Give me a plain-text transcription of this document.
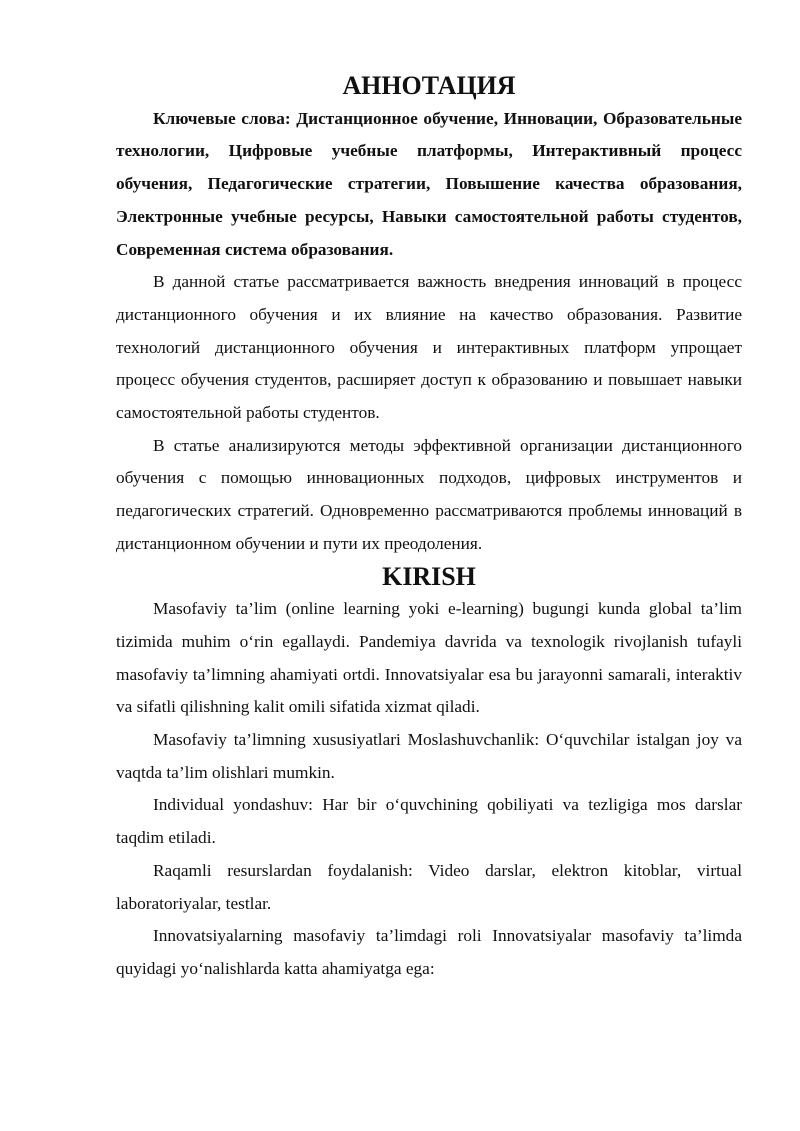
АННОТАЦИЯ

Ключевые слова: Дистанционное обучение, Инновации, Образовательные технологии, Цифровые учебные платформы, Интерактивный процесс обучения, Педагогические стратегии, Повышение качества образования, Электронные учебные ресурсы, Навыки самостоятельной работы студентов, Современная система образования.

В данной статье рассматривается важность внедрения инноваций в процесс дистанционного обучения и их влияние на качество образования. Развитие технологий дистанционного обучения и интерактивных платформ упрощает процесс обучения студентов, расширяет доступ к образованию и повышает навыки самостоятельной работы студентов.

В статье анализируются методы эффективной организации дистанционного обучения с помощью инновационных подходов, цифровых инструментов и педагогических стратегий. Одновременно рассматриваются проблемы инноваций в дистанционном обучении и пути их преодоления.

KIRISH

Masofaviy ta’lim (online learning yoki e-learning) bugungi kunda global ta’lim tizimida muhim o‘rin egallaydi. Pandemiya davrida va texnologik rivojlanish tufayli masofaviy ta’limning ahamiyati ortdi. Innovatsiyalar esa bu jarayonni samarali, interaktiv va sifatli qilishning kalit omili sifatida xizmat qiladi.

Masofaviy ta’limning xususiyatlari Moslashuvchanlik: O‘quvchilar istalgan joy va vaqtda ta’lim olishlari mumkin.

Individual yondashuv: Har bir o‘quvchining qobiliyati va tezligiga mos darslar taqdim etiladi.

Raqamli resurslardan foydalanish: Video darslar, elektron kitoblar, virtual laboratoriyalar, testlar.

Innovatsiyalarning masofaviy ta’limdagi roli Innovatsiyalar masofaviy ta’limda quyidagi yo‘nalishlarda katta ahamiyatga ega:
